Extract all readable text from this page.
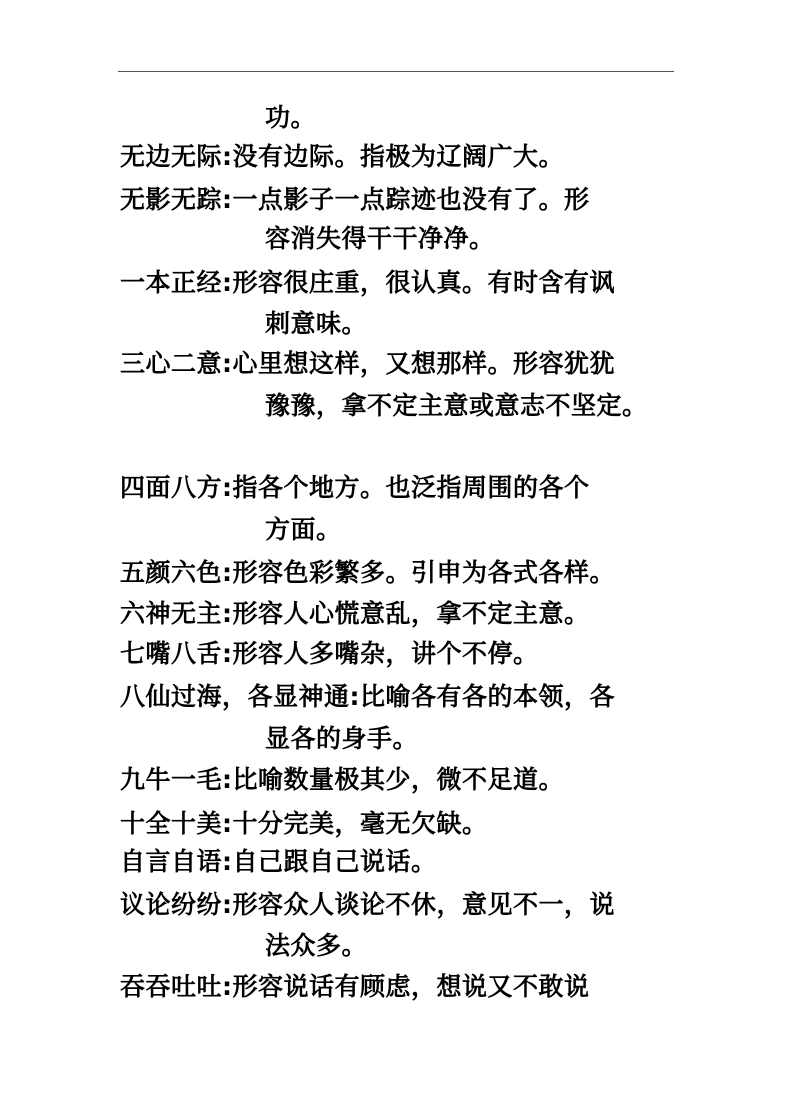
功。
无边无际:没有边际。指极为辽阔广大。
无影无踪:一点影子一点踪迹也没有了。形
容消失得干干净净。
一本正经:形容很庄重，很认真。有时含有讽
刺意味。
三心二意:心里想这样，又想那样。形容犹犹
豫豫，拿不定主意或意志不坚定。
四面八方:指各个地方。也泛指周围的各个
方面。
五颜六色:形容色彩繁多。引申为各式各样。
六神无主:形容人心慌意乱，拿不定主意。
七嘴八舌:形容人多嘴杂，讲个不停。
八仙过海，各显神通:比喻各有各的本领，各
显各的身手。
九牛一毛:比喻数量极其少，微不足道。
十全十美:十分完美，毫无欠缺。
自言自语:自己跟自己说话。
议论纷纷:形容众人谈论不休，意见不一，说
法众多。
吞吞吐吐:形容说话有顾虑，想说又不敢说
